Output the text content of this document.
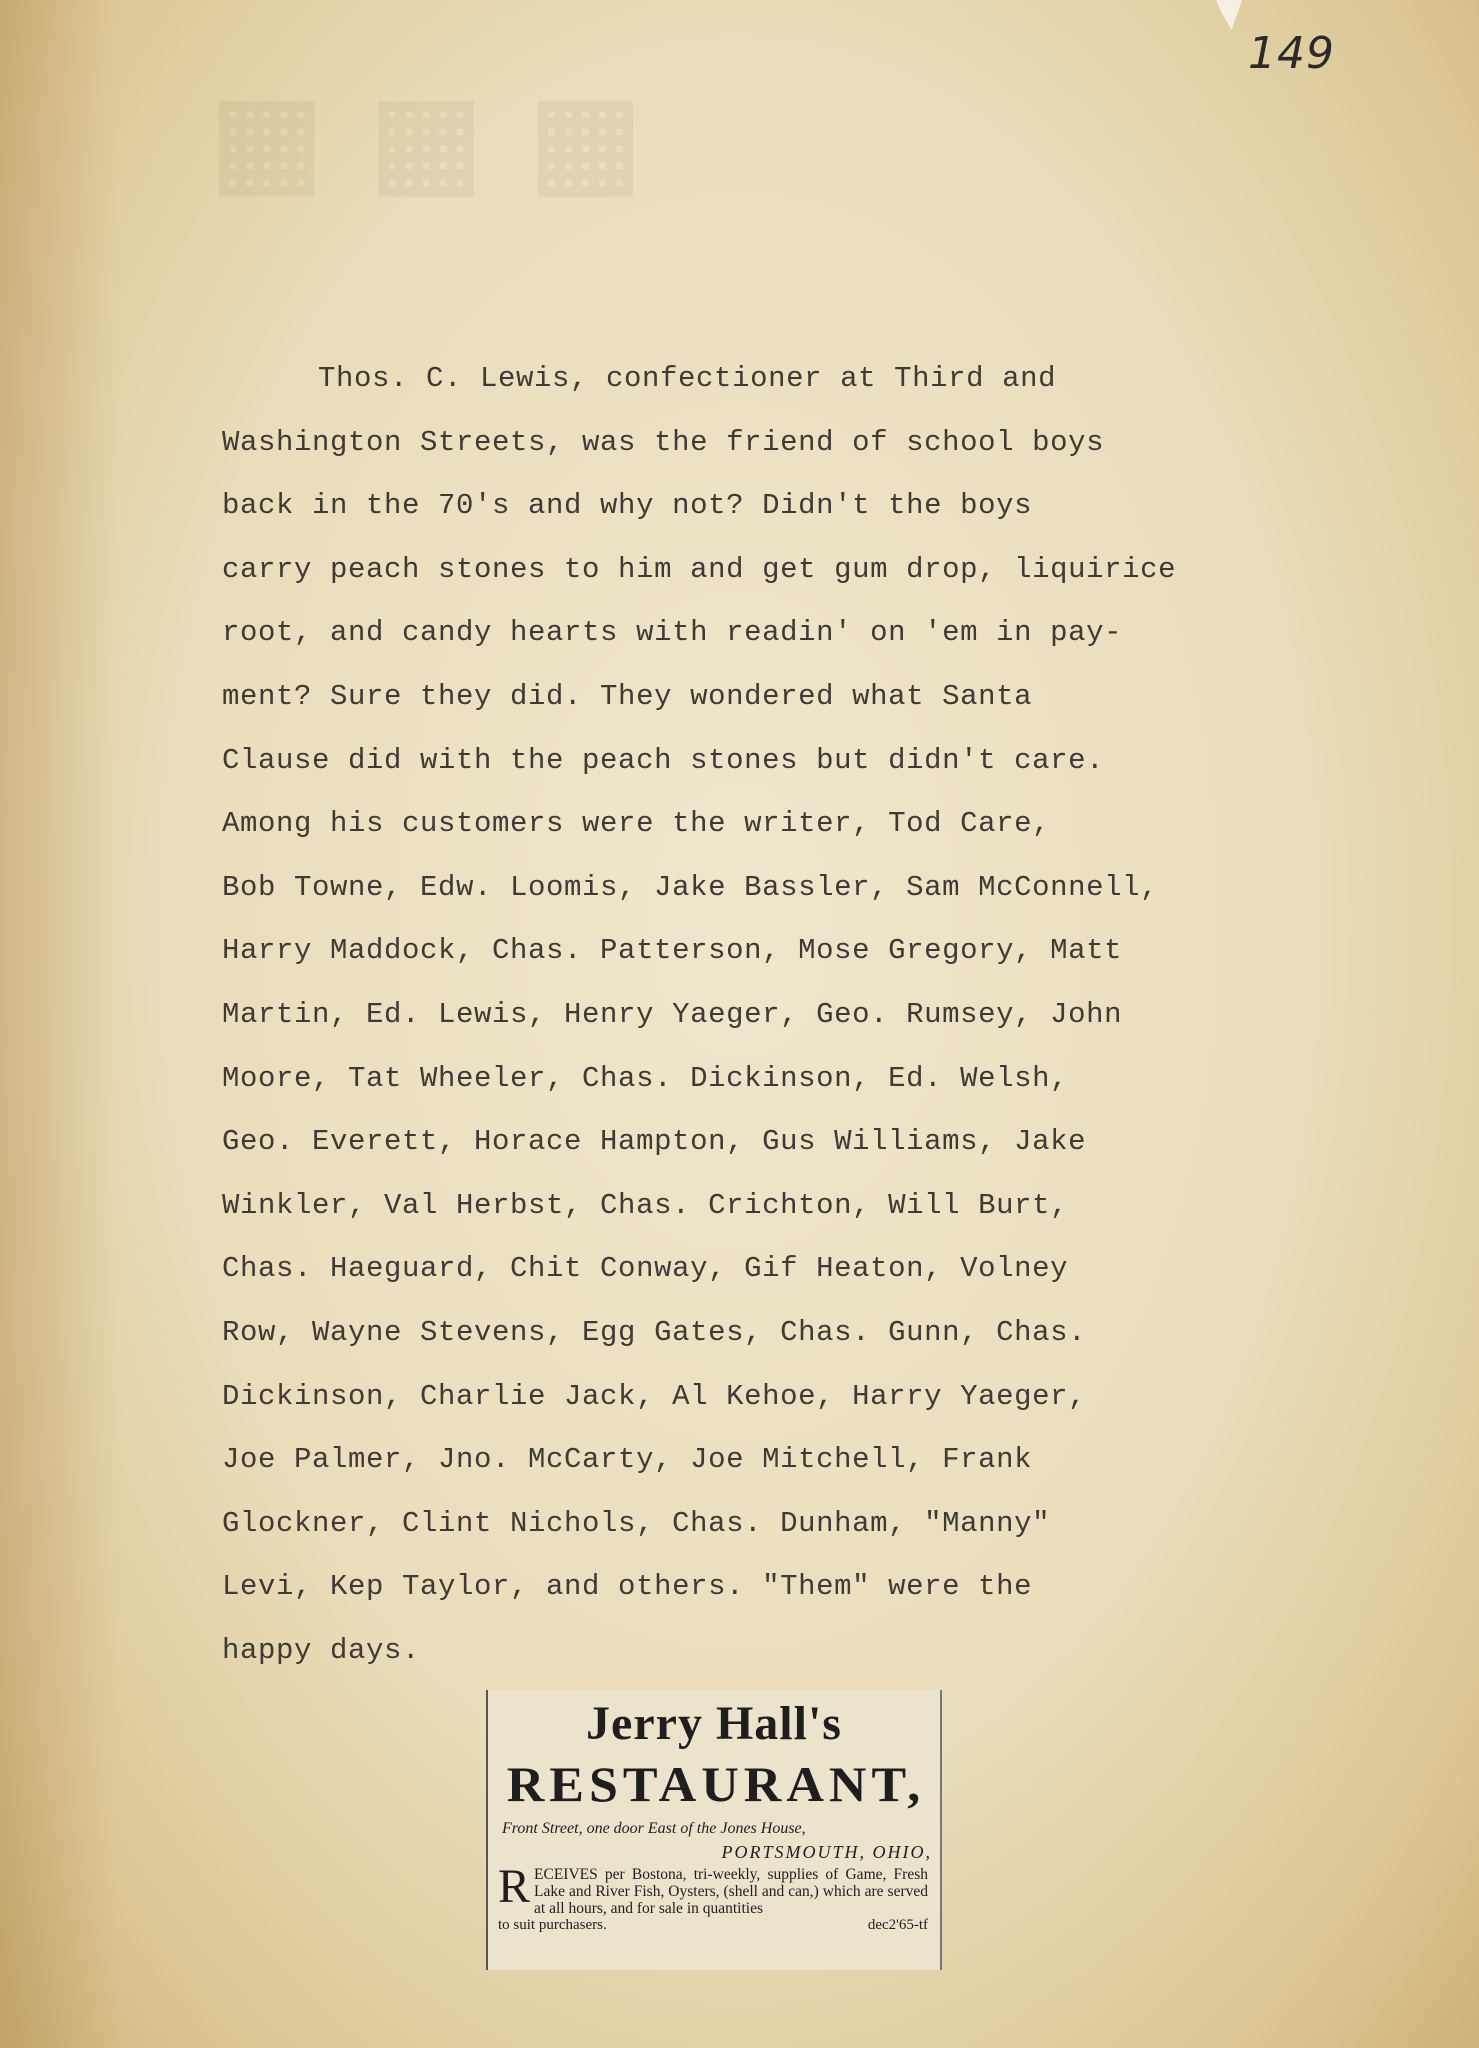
▦ ▦ ▦
149
Thos. C. Lewis, confectioner at Third and
Washington Streets, was the friend of school boys
back in the 70's and why not? Didn't the boys
carry peach stones to him and get gum drop, liquirice
root, and candy hearts with readin' on 'em in pay-
ment? Sure they did. They wondered what Santa
Clause did with the peach stones but didn't care.
Among his customers were the writer, Tod Care,
Bob Towne, Edw. Loomis, Jake Bassler, Sam McConnell,
Harry Maddock, Chas. Patterson, Mose Gregory, Matt
Martin, Ed. Lewis, Henry Yaeger, Geo. Rumsey, John
Moore, Tat Wheeler, Chas. Dickinson, Ed. Welsh,
Geo. Everett, Horace Hampton, Gus Williams, Jake
Winkler, Val Herbst, Chas. Crichton, Will Burt,
Chas. Haeguard, Chit Conway, Gif Heaton, Volney
Row, Wayne Stevens, Egg Gates, Chas. Gunn, Chas.
Dickinson, Charlie Jack, Al Kehoe, Harry Yaeger,
Joe Palmer, Jno. McCarty, Joe Mitchell, Frank
Glockner, Clint Nichols, Chas. Dunham, "Manny"
Levi, Kep Taylor, and others. "Them" were the
happy days.
Jerry Hall's
RESTAURANT,
Front Street, one door East of the Jones House,
PORTSMOUTH, OHIO,
RECEIVES per Bostona, tri-weekly, supplies of Game, Fresh Lake and River Fish, Oysters, (shell and can,) which are served at all hours, and for sale in quantities
to suit purchasers.	dec2'65-tf
